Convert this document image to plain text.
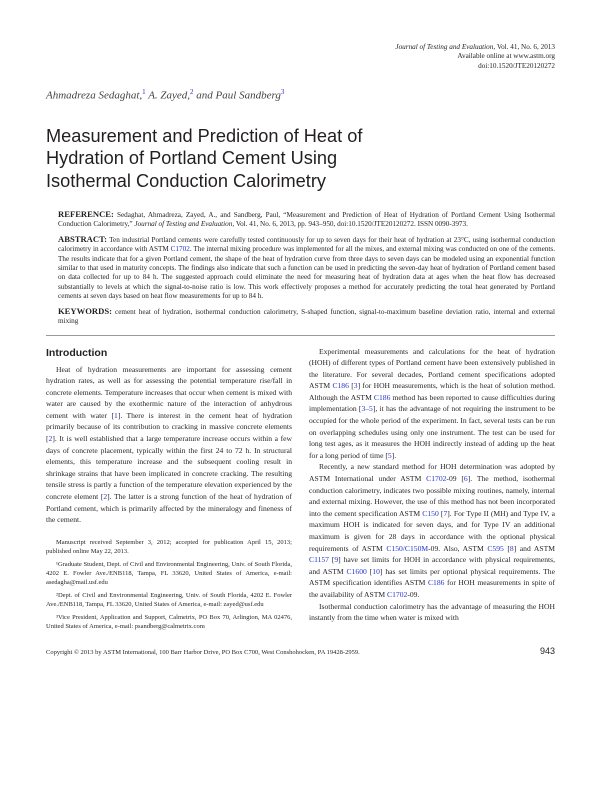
Journal of Testing and Evaluation, Vol. 41, No. 6, 2013
Available online at www.astm.org
doi:10.1520/JTE20120272
Ahmadreza Sedaghat,$^1$ A. Zayed,$^2$ and Paul Sandberg$^3$
Measurement and Prediction of Heat of Hydration of Portland Cement Using Isothermal Conduction Calorimetry
REFERENCE: Sedaghat, Ahmadreza, Zayed, A., and Sandberg, Paul, “Measurement and Prediction of Heat of Hydration of Portland Cement Using Isothermal Conduction Calorimetry,” Journal of Testing and Evaluation, Vol. 41, No. 6, 2013, pp. 943–950, doi:10.1520/JTE20120272. ISSN 0090-3973.
ABSTRACT: Ten industrial Portland cements were carefully tested continuously for up to seven days for their heat of hydration at 23°C, using isothermal conduction calorimetry in accordance with ASTM C1702. The internal mixing procedure was implemented for all the mixes, and external mixing was conducted on one of the cements. The results indicate that for a given Portland cement, the shape of the heat of hydration curve from three days to seven days can be modeled using an exponential function similar to that used in maturity concepts. The findings also indicate that such a function can be used in predicting the seven-day heat of hydration of Portland cement based on data collected for up to 84 h. The suggested approach could eliminate the need for measuring heat of hydration data at ages when the heat flow has decreased substantially to levels at which the signal-to-noise ratio is low. This work effectively proposes a method for accurately predicting the total heat generated by Portland cements at seven days based on heat flow measurements for up to 84 h.
KEYWORDS: cement heat of hydration, isothermal conduction calorimetry, S-shaped function, signal-to-maximum baseline deviation ratio, internal and external mixing
Introduction

Heat of hydration measurements are important for assessing cement hydration rates, as well as for assessing the potential temperature rise/fall in concrete elements. Temperature increases that occur when cement is mixed with water are caused by the exothermic nature of the interaction of anhydrous cement with water [1]. There is interest in the cement heat of hydration primarily because of its contribution to cracking in massive concrete elements [2]. It is well established that a large temperature increase occurs within a few days of concrete placement, typically within the first 24 to 72 h. In structural elements, this temperature increase and the subsequent cooling result in shrinkage strains that have been implicated in concrete cracking. The resulting tensile stress is partly a function of the temperature elevation experienced by the concrete element [2]. The latter is a strong function of the heat of hydration of Portland cement, which is primarily affected by the mineralogy and fineness of the cement.

Manuscript received September 3, 2012; accepted for publication April 15, 2013; published online May 22, 2013.

¹Graduate Student, Dept. of Civil and Environmental Engineering, Univ. of South Florida, 4202 E. Fowler Ave./ENB118, Tampa, FL 33620, United States of America, e-mail: asedagha@mail.usf.edu

²Dept. of Civil and Environmental Engineering, Univ. of South Florida, 4202 E. Fowler Ave./ENB118, Tampa, FL 33620, United States of America, e-mail: zayed@usf.edu

³Vice President, Application and Support, Calmetrix, PO Box 70, Arlington, MA 02476, United States of America, e-mail: psandberg@calmetrix.com

Experimental measurements and calculations for the heat of hydration (HOH) of different types of Portland cement have been extensively published in the literature. For several decades, Portland cement specifications adopted ASTM C186 [3] for HOH measurements, which is the heat of solution method. Although the ASTM C186 method has been reported to cause difficulties during implementation [3–5], it has the advantage of not requiring the instrument to be occupied for the whole period of the experiment. In fact, several tests can be run on overlapping schedules using only one instrument. The test can be used for long test ages, as it measures the HOH indirectly instead of adding up the heat for a long period of time [5].

Recently, a new standard method for HOH determination was adopted by ASTM International under ASTM C1702-09 [6]. The method, isothermal conduction calorimetry, indicates two possible mixing routines, namely, internal and external mixing. However, the use of this method has not been incorporated into the cement specification ASTM C150 [7]. For Type II (MH) and Type IV, a maximum HOH is indicated for seven days, and for Type IV an additional maximum is given for 28 days in accordance with the optional physical requirements of ASTM C150/C150M-09. Also, ASTM C595 [8] and ASTM C1157 [9] have set limits for HOH in accordance with physical requirements, and ASTM C1600 [10] has set limits per optional physical requirements. The ASTM specification identifies ASTM C186 for HOH measurements in spite of the availability of ASTM C1702-09.

Isothermal conduction calorimetry has the advantage of measuring the HOH instantly from the time when water is mixed with

Copyright © 2013 by ASTM International, 100 Barr Harbor Drive, PO Box C700, West Conshohocken, PA 19428-2959.	943
